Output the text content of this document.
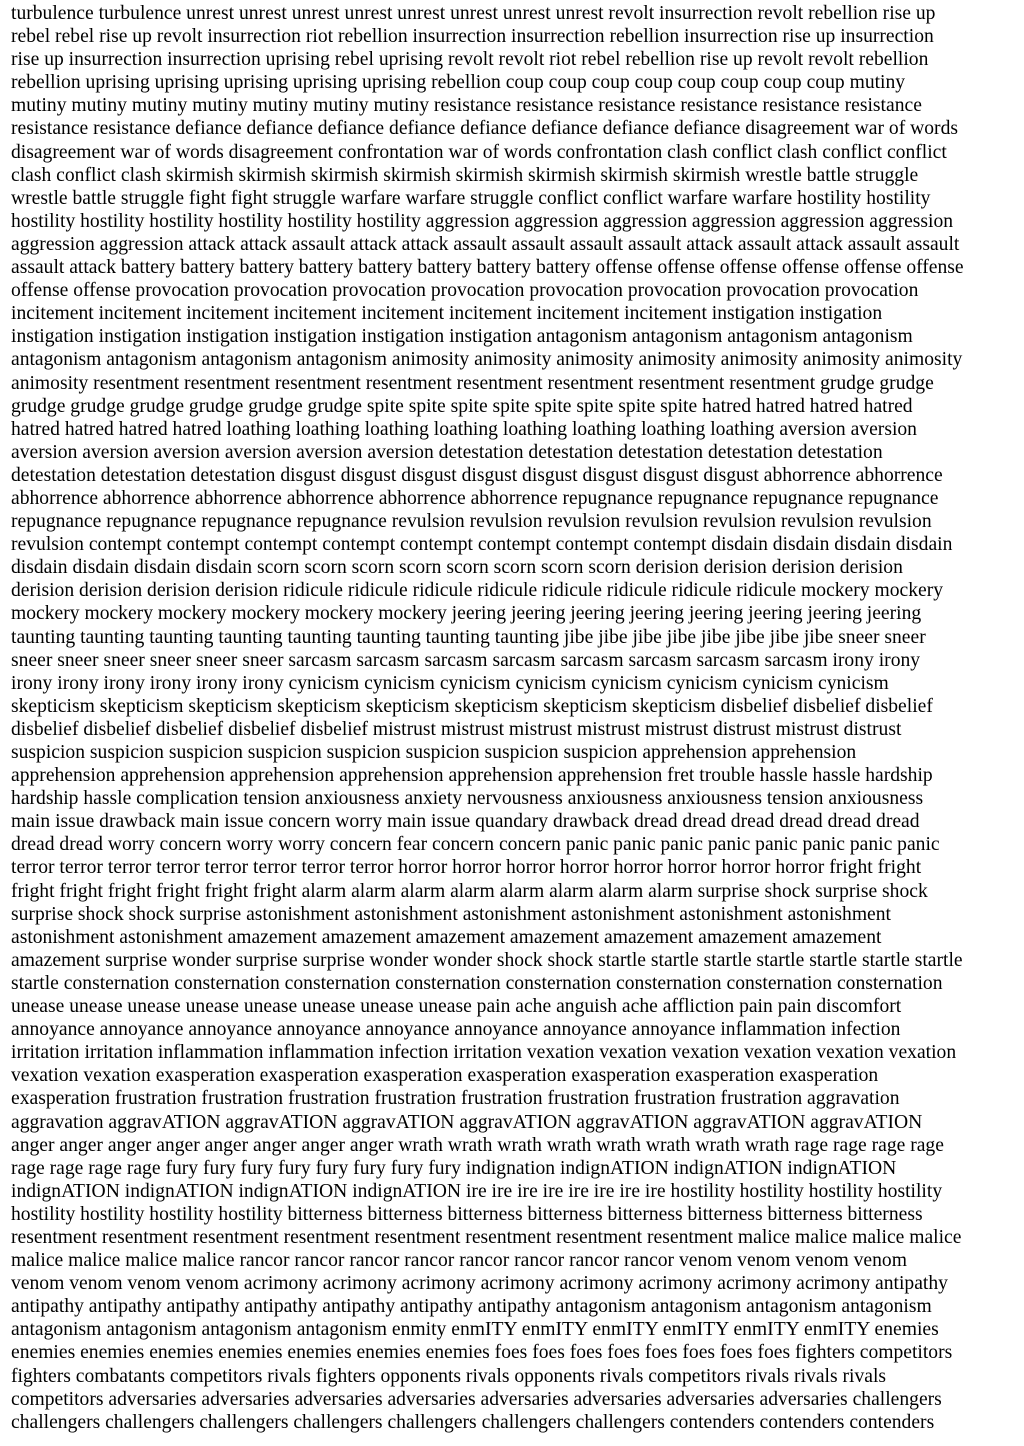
turbulence turbulence unrest unrest unrest unrest unrest unrest unrest unrest revolt insurrection revolt rebellion rise up
rebel rebel rise up revolt insurrection riot rebellion insurrection insurrection rebellion insurrection rise up insurrection
rise up insurrection insurrection uprising rebel uprising revolt revolt riot rebel rebellion rise up revolt revolt rebellion
rebellion uprising uprising uprising uprising uprising rebellion coup coup coup coup coup coup coup coup mutiny
mutiny mutiny mutiny mutiny mutiny mutiny mutiny resistance resistance resistance resistance resistance resistance
resistance resistance defiance defiance defiance defiance defiance defiance defiance defiance disagreement war of words
disagreement war of words disagreement confrontation war of words confrontation clash conflict clash conflict conflict
clash conflict clash skirmish skirmish skirmish skirmish skirmish skirmish skirmish skirmish wrestle battle struggle
wrestle battle struggle fight fight struggle warfare warfare struggle conflict conflict warfare warfare hostility hostility
hostility hostility hostility hostility hostility hostility aggression aggression aggression aggression aggression aggression
aggression aggression attack attack assault attack attack assault assault assault assault attack assault attack assault assault
assault attack battery battery battery battery battery battery battery battery offense offense offense offense offense offense
offense offense provocation provocation provocation provocation provocation provocation provocation provocation
incitement incitement incitement incitement incitement incitement incitement incitement instigation instigation
instigation instigation instigation instigation instigation instigation antagonism antagonism antagonism antagonism
antagonism antagonism antagonism antagonism animosity animosity animosity animosity animosity animosity animosity
animosity resentment resentment resentment resentment resentment resentment resentment resentment grudge grudge
grudge grudge grudge grudge grudge grudge spite spite spite spite spite spite spite spite hatred hatred hatred hatred
hatred hatred hatred hatred loathing loathing loathing loathing loathing loathing loathing loathing aversion aversion
aversion aversion aversion aversion aversion aversion detestation detestation detestation detestation detestation
detestation detestation detestation disgust disgust disgust disgust disgust disgust disgust disgust abhorrence abhorrence
abhorrence abhorrence abhorrence abhorrence abhorrence abhorrence repugnance repugnance repugnance repugnance
repugnance repugnance repugnance repugnance revulsion revulsion revulsion revulsion revulsion revulsion revulsion
revulsion contempt contempt contempt contempt contempt contempt contempt contempt disdain disdain disdain disdain
disdain disdain disdain disdain scorn scorn scorn scorn scorn scorn scorn scorn derision derision derision derision
derision derision derision derision ridicule ridicule ridicule ridicule ridicule ridicule ridicule ridicule mockery mockery
mockery mockery mockery mockery mockery mockery jeering jeering jeering jeering jeering jeering jeering jeering
taunting taunting taunting taunting taunting taunting taunting taunting jibe jibe jibe jibe jibe jibe jibe jibe sneer sneer
sneer sneer sneer sneer sneer sneer sarcasm sarcasm sarcasm sarcasm sarcasm sarcasm sarcasm sarcasm irony irony
irony irony irony irony irony irony cynicism cynicism cynicism cynicism cynicism cynicism cynicism cynicism
skepticism skepticism skepticism skepticism skepticism skepticism skepticism skepticism disbelief disbelief disbelief
disbelief disbelief disbelief disbelief disbelief mistrust mistrust mistrust mistrust mistrust distrust mistrust distrust
suspicion suspicion suspicion suspicion suspicion suspicion suspicion suspicion apprehension apprehension
apprehension apprehension apprehension apprehension apprehension apprehension fret trouble hassle hassle hardship
hardship hassle complication tension anxiousness anxiety nervousness anxiousness anxiousness tension anxiousness
main issue drawback main issue concern worry main issue quandary drawback dread dread dread dread dread dread
dread dread worry concern worry worry concern fear concern concern panic panic panic panic panic panic panic panic
terror terror terror terror terror terror terror terror horror horror horror horror horror horror horror horror fright fright
fright fright fright fright fright fright alarm alarm alarm alarm alarm alarm alarm alarm surprise shock surprise shock
surprise shock shock surprise astonishment astonishment astonishment astonishment astonishment astonishment
astonishment astonishment amazement amazement amazement amazement amazement amazement amazement
amazement surprise wonder surprise surprise wonder wonder shock shock startle startle startle startle startle startle startle
startle consternation consternation consternation consternation consternation consternation consternation consternation
unease unease unease unease unease unease unease unease pain ache anguish ache affliction pain pain discomfort
annoyance annoyance annoyance annoyance annoyance annoyance annoyance annoyance inflammation infection
irritation irritation inflammation inflammation infection irritation vexation vexation vexation vexation vexation vexation
vexation vexation exasperation exasperation exasperation exasperation exasperation exasperation exasperation
exasperation frustration frustration frustration frustration frustration frustration frustration frustration aggravation
aggravation aggravATION aggravATION aggravATION aggravATION aggravATION aggravATION aggravATION
anger anger anger anger anger anger anger anger wrath wrath wrath wrath wrath wrath wrath wrath rage rage rage rage
rage rage rage rage fury fury fury fury fury fury fury fury indignation indignATION indignATION indignATION
indignATION indignATION indignATION indignATION ire ire ire ire ire ire ire ire hostility hostility hostility hostility
hostility hostility hostility hostility bitterness bitterness bitterness bitterness bitterness bitterness bitterness bitterness
resentment resentment resentment resentment resentment resentment resentment resentment malice malice malice malice
malice malice malice malice rancor rancor rancor rancor rancor rancor rancor rancor venom venom venom venom
venom venom venom venom acrimony acrimony acrimony acrimony acrimony acrimony acrimony acrimony antipathy
antipathy antipathy antipathy antipathy antipathy antipathy antipathy antagonism antagonism antagonism antagonism
antagonism antagonism antagonism antagonism enmity enmITY enmITY enmITY enmITY enmITY enmITY enemies
enemies enemies enemies enemies enemies enemies enemies foes foes foes foes foes foes foes foes fighters competitors
fighters combatants competitors rivals fighters opponents rivals opponents rivals competitors rivals rivals rivals
competitors adversaries adversaries adversaries adversaries adversaries adversaries adversaries adversaries challengers
challengers challengers challengers challengers challengers challengers challengers contenders contenders contenders
